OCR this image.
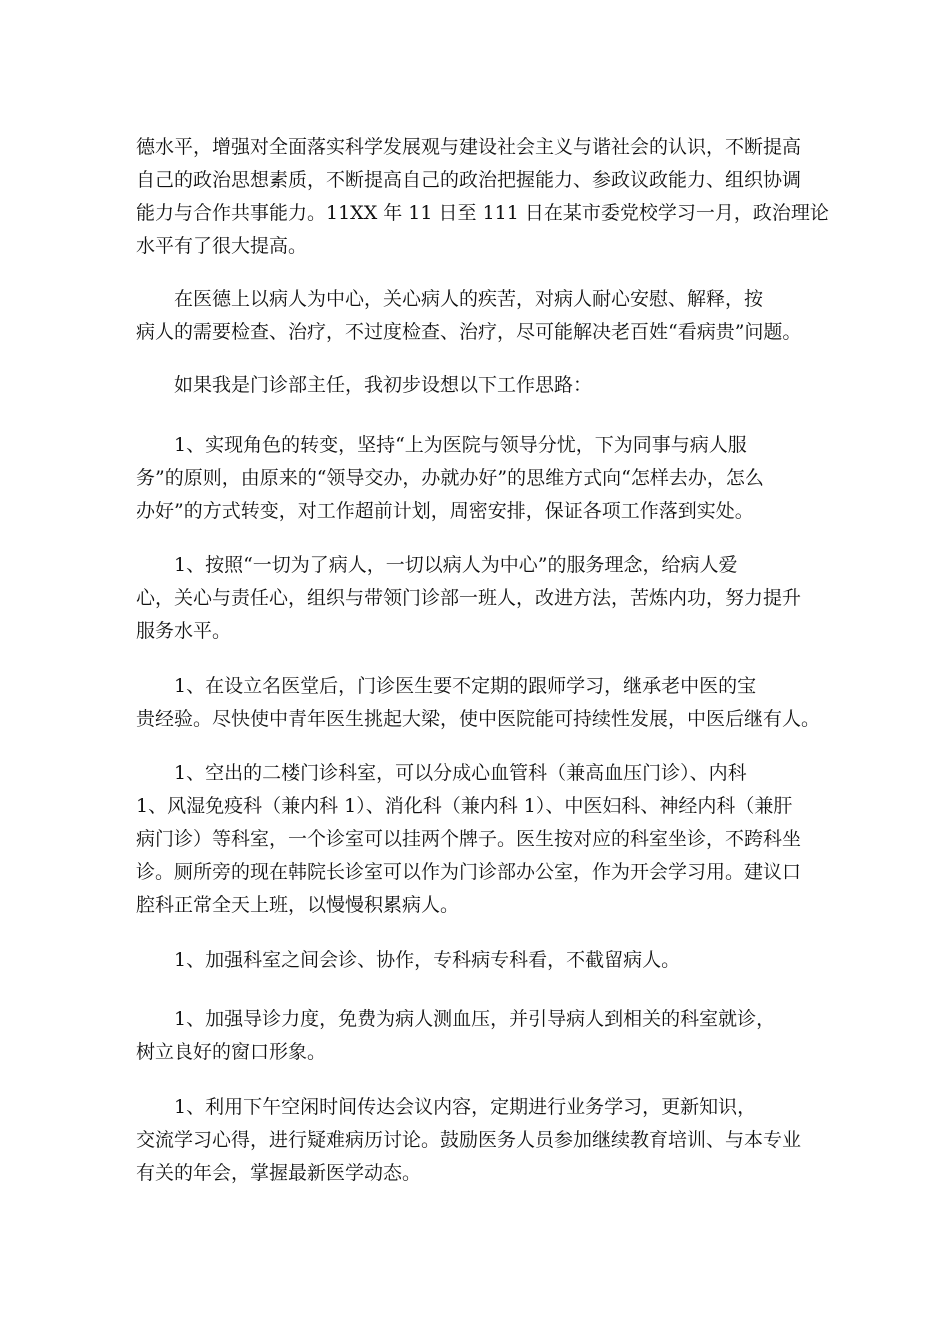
德水平，增强对全面落实科学发展观与建设社会主义与谐社会的认识，不断提高
自己的政治思想素质，不断提高自己的政治把握能力、参政议政能力、组织协调
能力与合作共事能力。11XX 年 11 日至 111 日在某市委党校学习一月，政治理论
水平有了很大提高。

　　在医德上以病人为中心，关心病人的疾苦，对病人耐心安慰、解释，按
病人的需要检查、治疗，不过度检查、治疗，尽可能解决老百姓“看病贵”问题。

　　如果我是门诊部主任，我初步设想以下工作思路：

　　1、实现角色的转变，坚持“上为医院与领导分忧，下为同事与病人服
务”的原则，由原来的“领导交办，办就办好”的思维方式向“怎样去办，怎么
办好”的方式转变，对工作超前计划，周密安排，保证各项工作落到实处。

　　1、按照“一切为了病人，一切以病人为中心”的服务理念，给病人爱
心，关心与责任心，组织与带领门诊部一班人，改进方法，苦炼内功，努力提升
服务水平。

　　1、在设立名医堂后，门诊医生要不定期的跟师学习，继承老中医的宝
贵经验。尽快使中青年医生挑起大梁，使中医院能可持续性发展，中医后继有人。

　　1、空出的二楼门诊科室，可以分成心血管科（兼高血压门诊）、内科
1、风湿免疫科（兼内科 1）、消化科（兼内科 1）、中医妇科、神经内科（兼肝
病门诊）等科室，一个诊室可以挂两个牌子。医生按对应的科室坐诊，不跨科坐
诊。厕所旁的现在韩院长诊室可以作为门诊部办公室，作为开会学习用。建议口
腔科正常全天上班，以慢慢积累病人。

　　1、加强科室之间会诊、协作，专科病专科看，不截留病人。

　　1、加强导诊力度，免费为病人测血压，并引导病人到相关的科室就诊，
树立良好的窗口形象。

　　1、利用下午空闲时间传达会议内容，定期进行业务学习，更新知识，
交流学习心得，进行疑难病历讨论。鼓励医务人员参加继续教育培训、与本专业
有关的年会，掌握最新医学动态。
